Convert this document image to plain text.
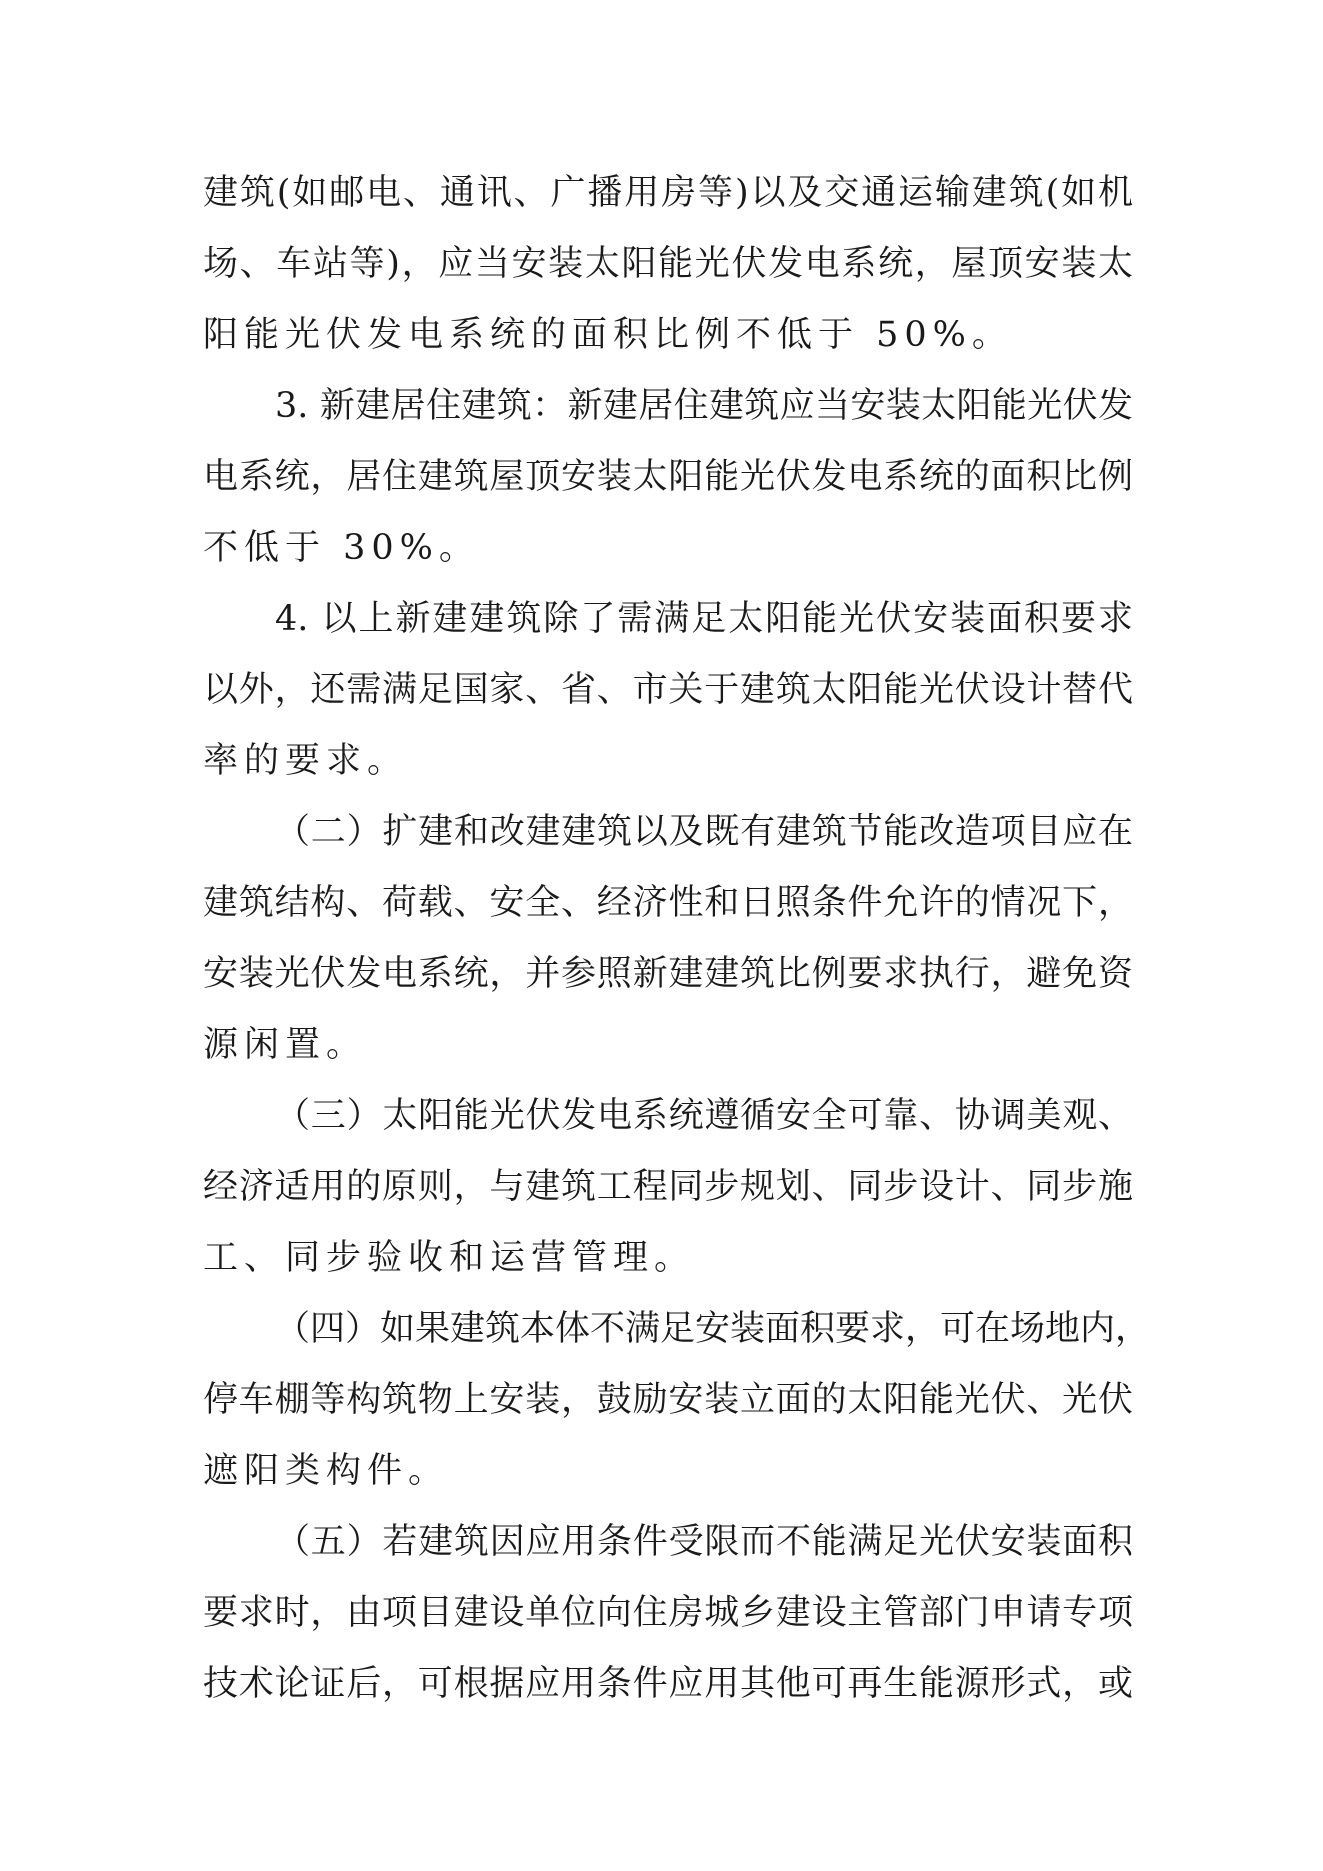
建筑(如邮电、通讯、广播用房等)以及交通运输建筑(如机
场、车站等)，应当安装太阳能光伏发电系统，屋顶安装太
阳能光伏发电系统的面积比例不低于 50%。
3. 新建居住建筑：新建居住建筑应当安装太阳能光伏发
电系统，居住建筑屋顶安装太阳能光伏发电系统的面积比例
不低于 30%。
4. 以上新建建筑除了需满足太阳能光伏安装面积要求
以外，还需满足国家、省、市关于建筑太阳能光伏设计替代
率的要求。
（二）扩建和改建建筑以及既有建筑节能改造项目应在
建筑结构、荷载、安全、经济性和日照条件允许的情况下，
安装光伏发电系统，并参照新建建筑比例要求执行，避免资
源闲置。
（三）太阳能光伏发电系统遵循安全可靠、协调美观、
经济适用的原则，与建筑工程同步规划、同步设计、同步施
工、同步验收和运营管理。
（四）如果建筑本体不满足安装面积要求，可在场地内，
停车棚等构筑物上安装，鼓励安装立面的太阳能光伏、光伏
遮阳类构件。
（五）若建筑因应用条件受限而不能满足光伏安装面积
要求时，由项目建设单位向住房城乡建设主管部门申请专项
技术论证后，可根据应用条件应用其他可再生能源形式，或
